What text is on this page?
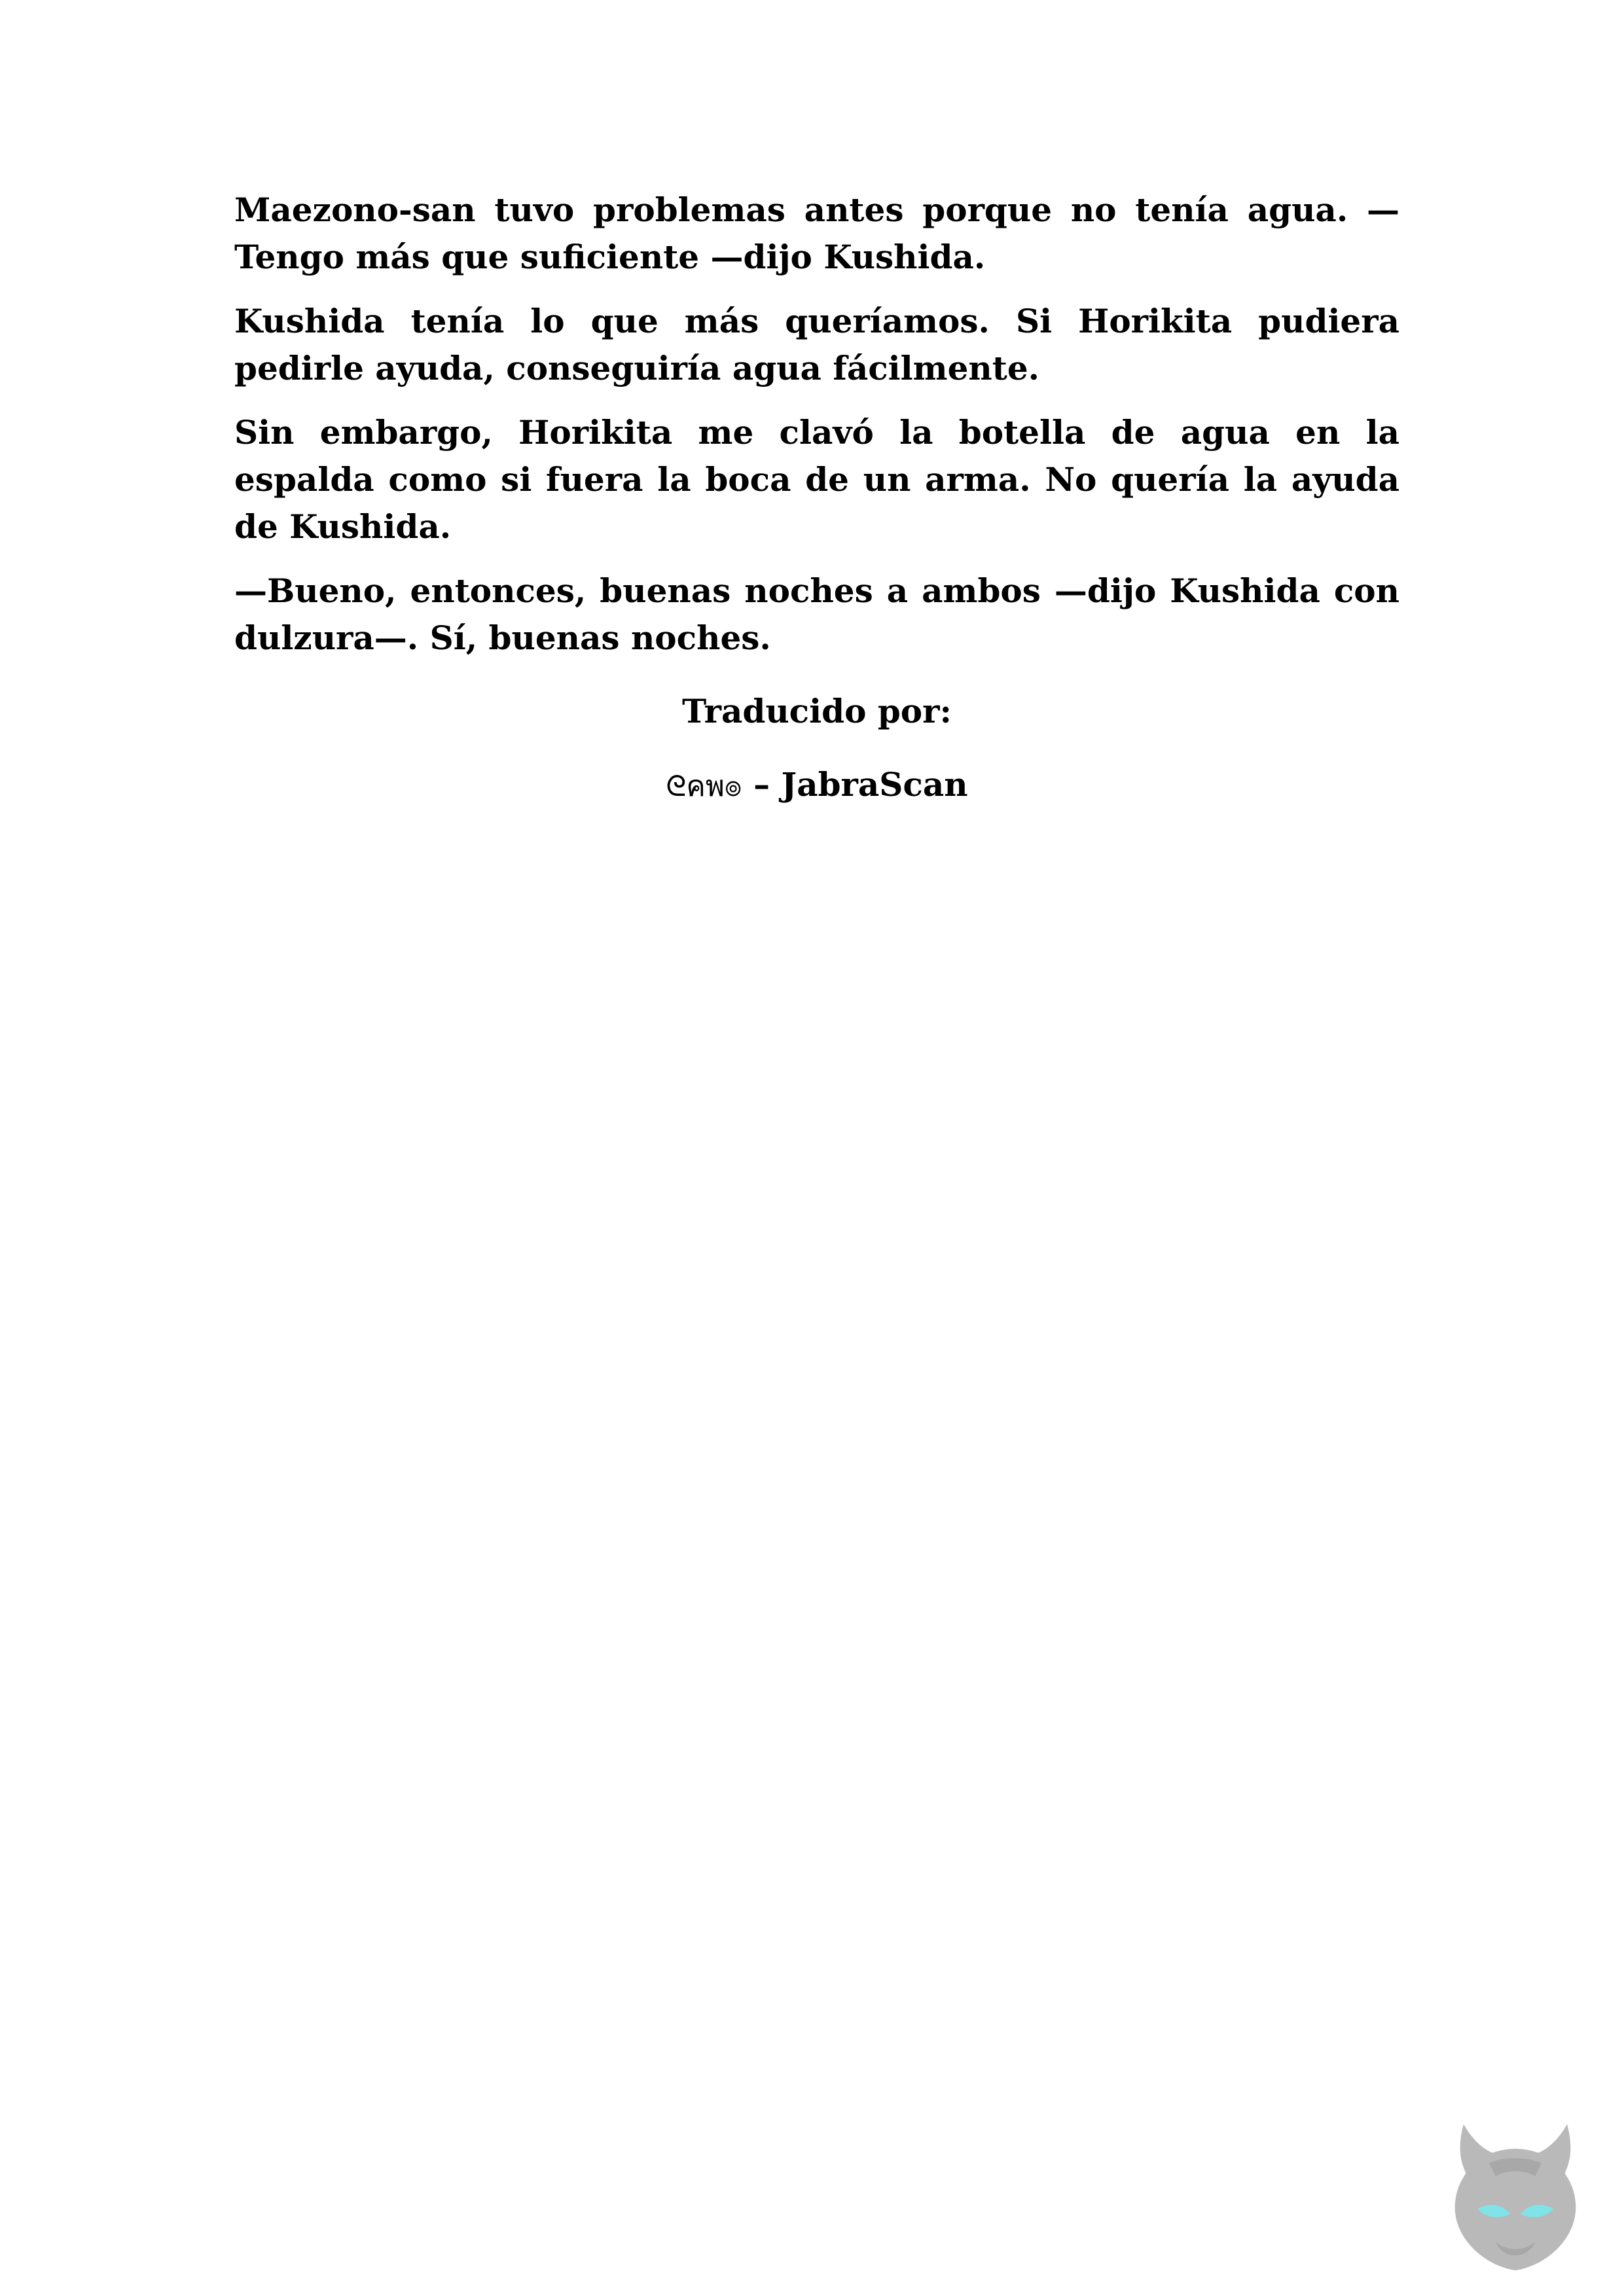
Maezono-san tuvo problemas antes porque no tenía agua. —Tengo más que suficiente —dijo Kushida.

Kushida tenía lo que más queríamos. Si Horikita pudiera pedirle ayuda, conseguiría agua fácilmente.

Sin embargo, Horikita me clavó la botella de agua en la espalda como si fuera la boca de un arma. No quería la ayuda de Kushida.

—Bueno, entonces, buenas noches a ambos —dijo Kushida con dulzura—. Sí, buenas noches.

Traducido por:

ᘓคพ๏ – JabraScan
